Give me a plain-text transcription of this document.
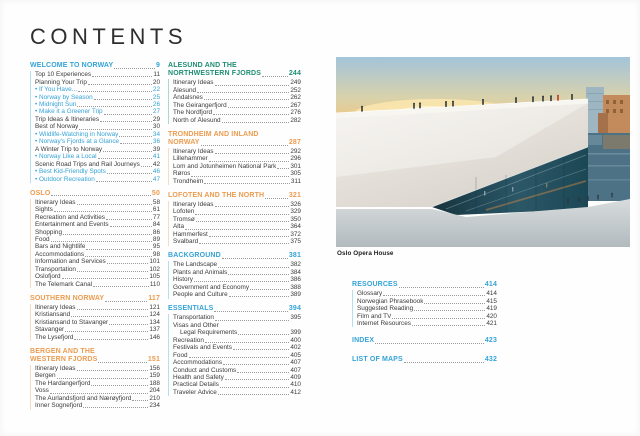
CONTENTS
WELCOME TO NORWAY	9
Top 10 Experiences	11
Planning Your Trip	20
• If You Have...	22
• Norway by Season	25
• Midnight Sun	26
• Make it a Greener Trip	27
Trip Ideas & Itineraries	29
Best of Norway	30
• Wildlife-Watching in Norway	34
• Norway's Fjords at a Glance	36
A Winter Trip to Norway	39
• Norway Like a Local	41
Scenic Road Trips and Rail Journeys 42
• Best Kid-Friendly Spots	46
• Outdoor Recreation	47
OSLO	50
Itinerary Ideas	58
Sights	61
Recreation and Activities	77
Entertainment and Events	84
Shopping	86
Food	89
Bars and Nightlife	95
Accommodations	98
Information and Services	101
Transportation	102
Oslofjord	105
The Telemark Canal	110
SOUTHERN NORWAY	117
Itinerary Ideas	121
Kristiansand	124
Kristiansand to Stavanger	134
Stavanger	137
The Lysefjord	146
BERGEN AND THE
WESTERN FJORDS	151
Itinerary Ideas	156
Bergen	159
The Hardangerfjord	188
Voss	204
The Aurlandsfjord and Nærøyfjord	210
Inner Sognefjord	234
ÅLESUND AND THE
NORTHWESTERN FJORDS	244
Itinerary Ideas	249
Ålesund	252
Åndalsnes	262
The Geirangerfjord	267
The Nordfjord	276
North of Ålesund	282
TRONDHEIM AND INLAND
NORWAY	287
Itinerary Ideas	292
Lillehammer	296
Lom and Jotunheimen National Park 301
Røros	305
Trondheim	311
LOFOTEN AND THE NORTH	321
Itinerary Ideas	326
Lofoten	329
Tromsø	350
Alta	364
Hammerfest	372
Svalbard	375
BACKGROUND	381
The Landscape	382
Plants and Animals	384
History	386
Government and Economy	388
People and Culture	389
ESSENTIALS	394
Transportation	395
Visas and Other
Legal Requirements	399
Recreation	400
Festivals and Events	402
Food	405
Accommodations	407
Conduct and Customs	407
Health and Safety	409
Practical Details	410
Traveler Advice	412
RESOURCES	414
Glossary	414
Norwegian Phrasebook	415
Suggested Reading	419
Film and TV	420
Internet Resources	421
INDEX	423
LIST OF MAPS	432
Oslo Opera House
